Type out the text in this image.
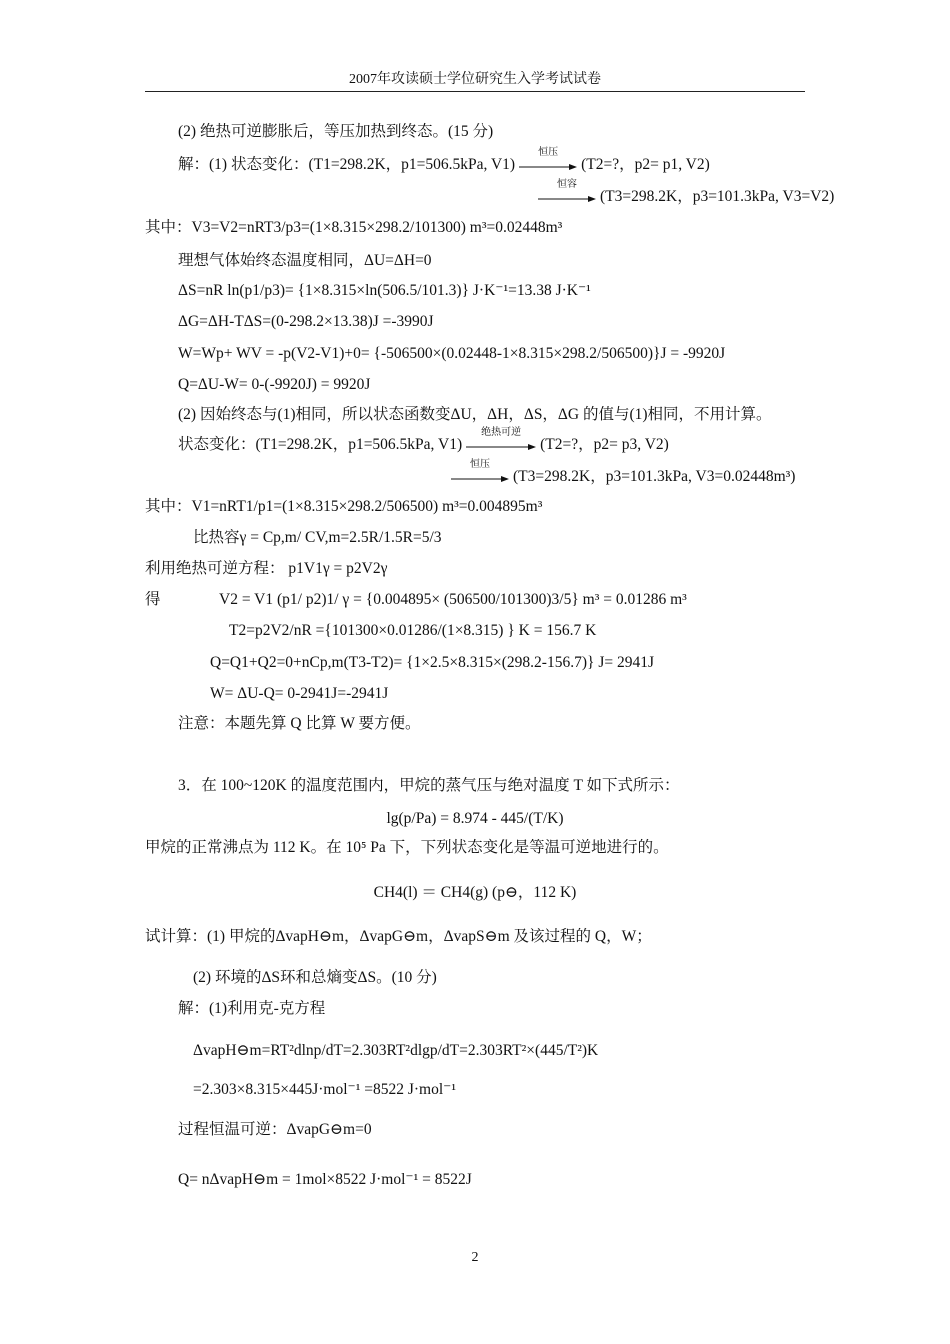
2007年攻读硕士学位研究生入学考试试卷
(2) 绝热可逆膨胀后，等压加热到终态。(15 分)
解：(1) 状态变化：(T1=298.2K，p1=506.5kPa, V1)
恒压
(T2=?，p2= p1, V2)
恒容
(T3=298.2K，p3=101.3kPa, V3=V2)
其中：V3=V2=nRT3/p3=(1×8.315×298.2/101300) m³=0.02448m³
理想气体始终态温度相同，ΔU=ΔH=0
ΔS=nR ln(p1/p3)= {1×8.315×ln(506.5/101.3)} J·K⁻¹=13.38 J·K⁻¹
ΔG=ΔH-TΔS=(0-298.2×13.38)J =-3990J
W=Wp+ WV = -p(V2-V1)+0= {-506500×(0.02448-1×8.315×298.2/506500)}J = -9920J
Q=ΔU-W= 0-(-9920J) = 9920J
(2) 因始终态与(1)相同，所以状态函数变ΔU，ΔH，ΔS，ΔG 的值与(1)相同，不用计算。
状态变化：(T1=298.2K，p1=506.5kPa, V1)
绝热可逆
(T2=?，p2= p3, V2)
恒压
(T3=298.2K，p3=101.3kPa, V3=0.02448m³)
其中：V1=nRT1/p1=(1×8.315×298.2/506500) m³=0.004895m³
比热容γ = Cp,m/ CV,m=2.5R/1.5R=5/3
利用绝热可逆方程： p1V1γ = p2V2γ
得	V2 = V1 (p1/ p2)1/ γ = {0.004895× (506500/101300)3/5} m³ = 0.01286 m³
T2=p2V2/nR ={101300×0.01286/(1×8.315) } K = 156.7 K
Q=Q1+Q2=0+nCp,m(T3-T2)= {1×2.5×8.315×(298.2-156.7)} J= 2941J
W= ΔU-Q= 0-2941J=-2941J
注意：本题先算 Q 比算 W 要方便。
3．在 100~120K 的温度范围内，甲烷的蒸气压与绝对温度 T 如下式所示：
lg(p/Pa) = 8.974 - 445/(T/K)
甲烷的正常沸点为 112 K。在 10⁵ Pa 下，下列状态变化是等温可逆地进行的。
CH4(l) ＝ CH4(g) (p⊖，112 K)
试计算：(1) 甲烷的ΔvapH⊖m，ΔvapG⊖m，ΔvapS⊖m 及该过程的 Q，W；
(2) 环境的ΔS环和总熵变ΔS。(10 分)
解：(1)利用克-克方程
ΔvapH⊖m=RT²dlnp/dT=2.303RT²dlgp/dT=2.303RT²×(445/T²)K
=2.303×8.315×445J·mol⁻¹ =8522 J·mol⁻¹
过程恒温可逆：ΔvapG⊖m=0
Q= nΔvapH⊖m = 1mol×8522 J·mol⁻¹ = 8522J
2
